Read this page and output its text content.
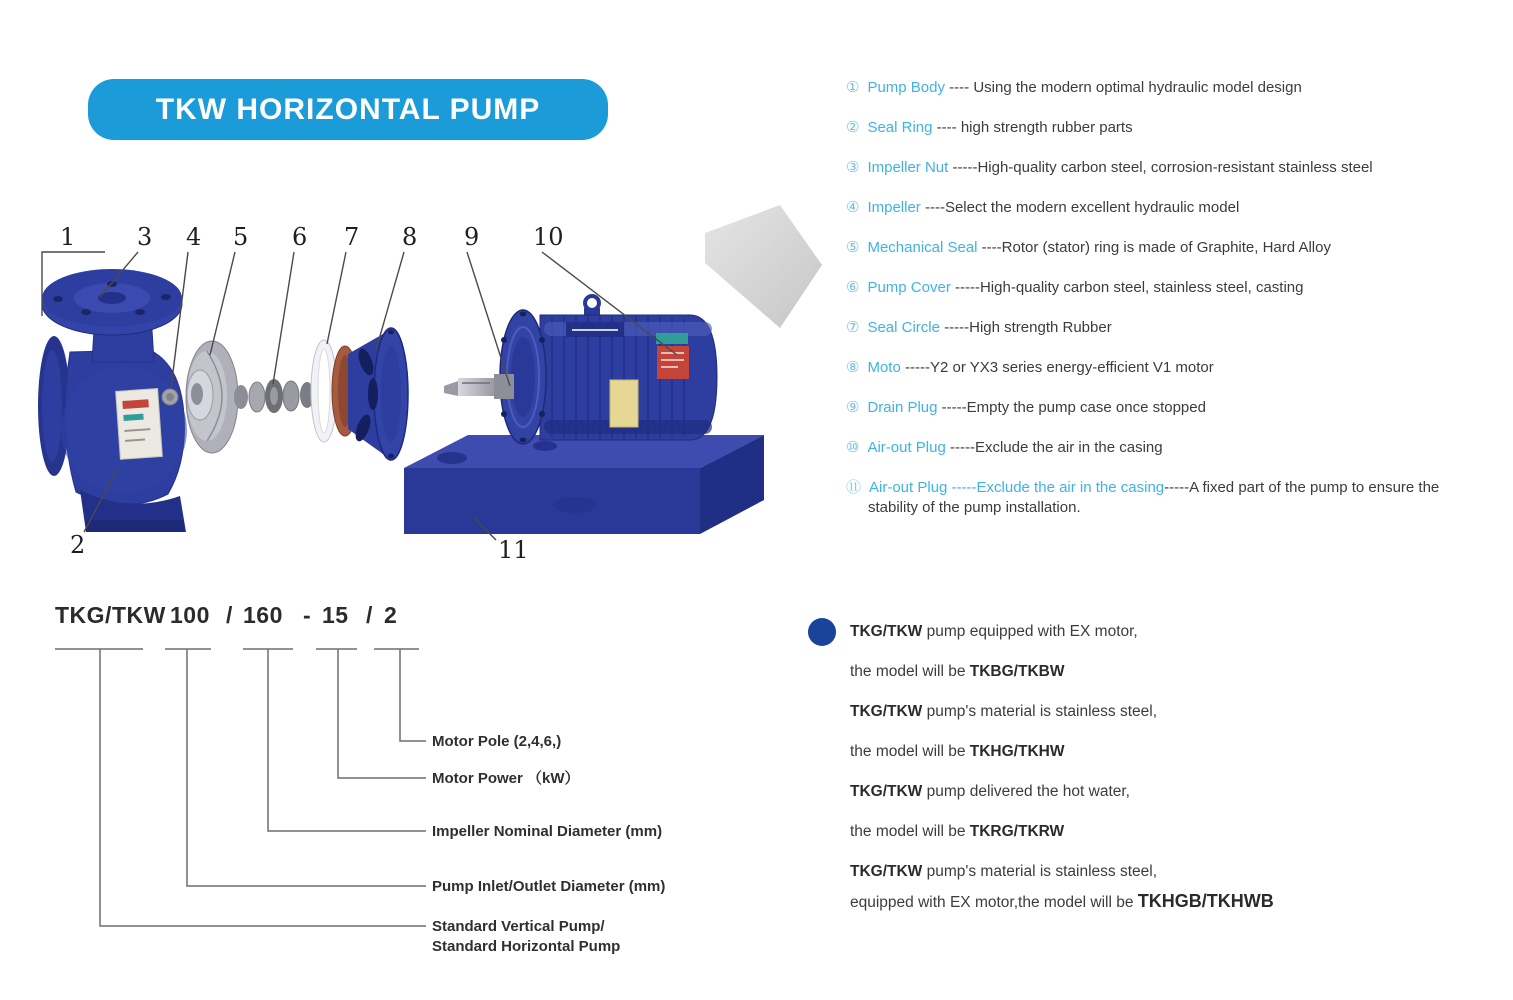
TKW HORIZONTAL PUMP
1	3 4 5 6 7 8 9 10
2	11
① Pump Body ---- Using the modern optimal hydraulic model design
② Seal Ring ---- high strength rubber parts
③ Impeller Nut -----High-quality carbon steel, corrosion-resistant stainless steel
④ Impeller ----Select the modern excellent hydraulic model
⑤ Mechanical Seal ----Rotor (stator) ring is made of Graphite, Hard Alloy
⑥ Pump Cover -----High-quality carbon steel, stainless steel, casting
⑦ Seal Circle -----High strength Rubber
⑧ Moto -----Y2 or YX3 series energy-efficient V1 motor
⑨ Drain Plug -----Empty the pump case once stopped
⑩ Air-out Plug -----Exclude the air in the casing
⑪ Air-out Plug -----Exclude the air in the casing-----A fixed part of the pump to ensure the stability of the pump installation.
TKG/TKW 100 / 160 - 15 / 2
Motor Pole (2,4,6,)
Motor Power （kW）
Impeller Nominal Diameter (mm)
Pump Inlet/Outlet Diameter (mm)
Standard Vertical Pump/
Standard Horizontal Pump
TKG/TKW pump equipped with EX motor,
the model will be TKBG/TKBW
TKG/TKW pump's material is stainless steel,
the model will be TKHG/TKHW
TKG/TKW pump delivered the hot water,
the model will be TKRG/TKRW
TKG/TKW pump's material is stainless steel,
equipped with EX motor,the model will be TKHGB/TKHWB
